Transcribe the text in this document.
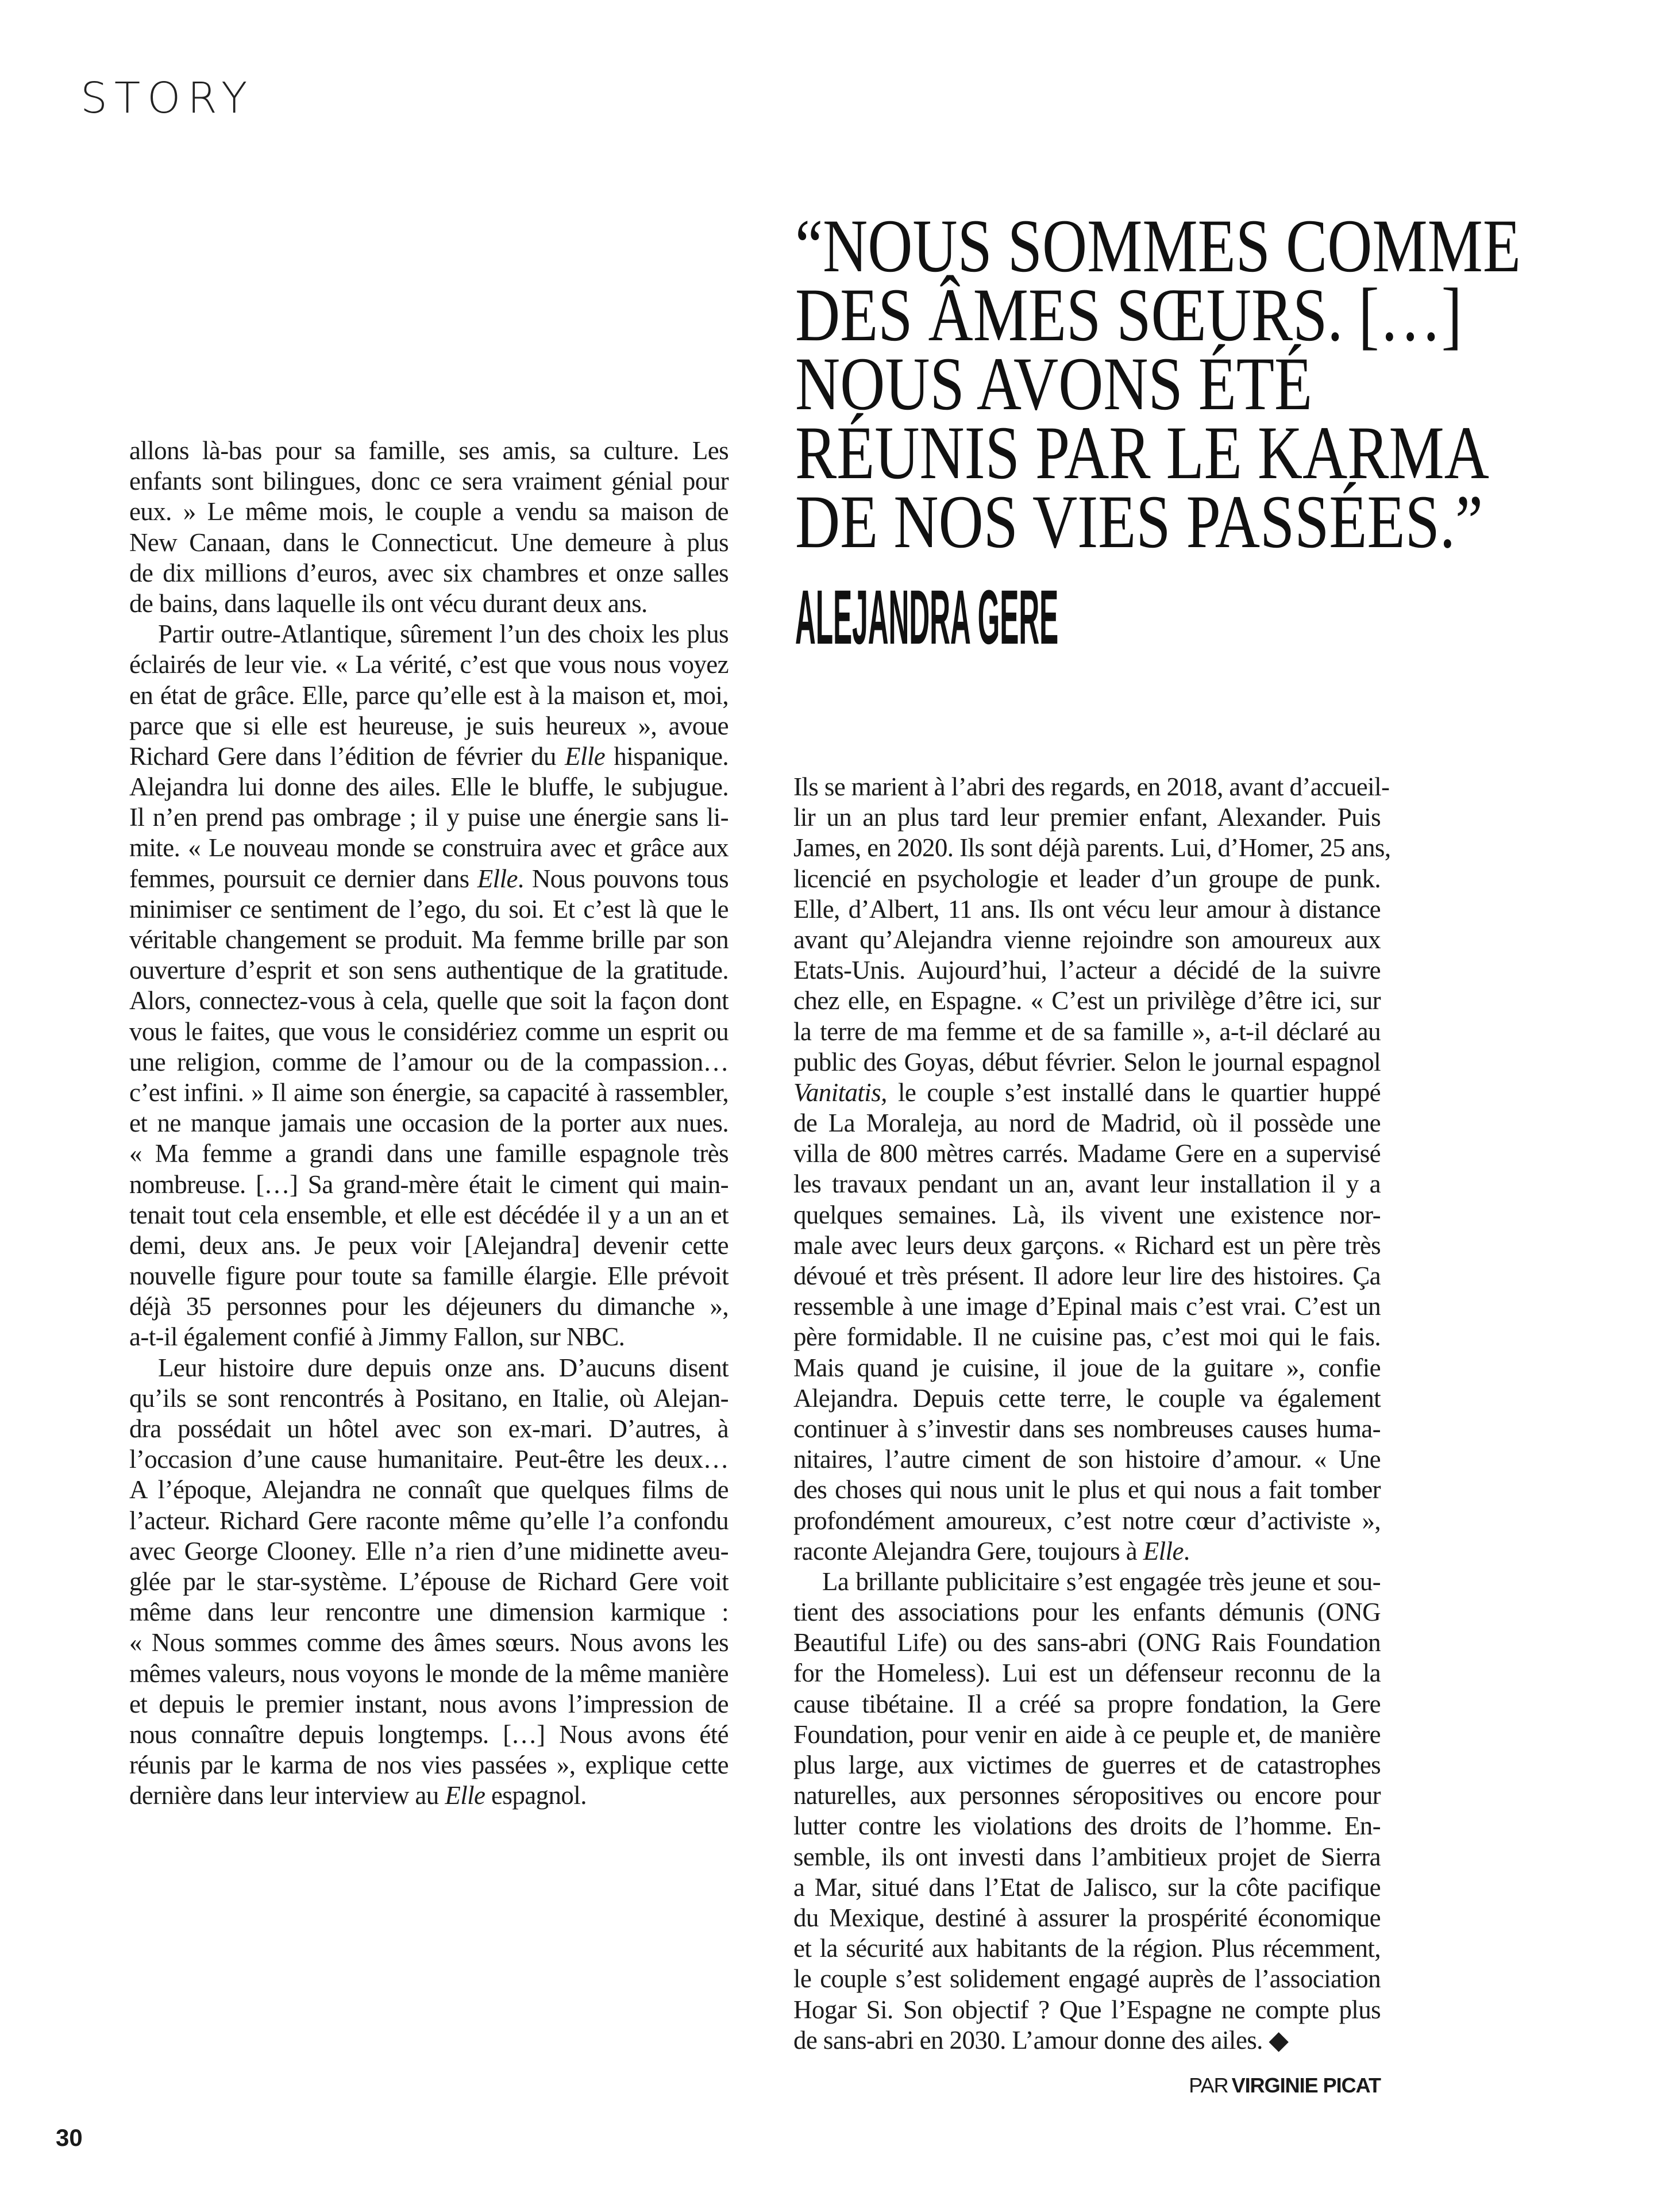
STORY
“NOUS SOMMES COMME
DES ÂMES SŒURS. […]
NOUS AVONS ÉTÉ
RÉUNIS PAR LE KARMA
DE NOS VIES PASSÉES.”
ALEJANDRA GERE
allons là-bas pour sa famille, ses amis, sa culture. Les
enfants sont bilingues, donc ce sera vraiment génial pour
eux. » Le même mois, le couple a vendu sa maison de
New Canaan, dans le Connecticut. Une demeure à plus
de dix millions d’euros, avec six chambres et onze salles
de bains, dans laquelle ils ont vécu durant deux ans.
Partir outre-Atlantique, sûrement l’un des choix les plus
éclairés de leur vie. « La vérité, c’est que vous nous voyez
en état de grâce. Elle, parce qu’elle est à la maison et, moi,
parce que si elle est heureuse, je suis heureux », avoue
Richard Gere dans l’édition de février du Elle hispanique.
Alejandra lui donne des ailes. Elle le bluffe, le subjugue.
Il n’en prend pas ombrage ; il y puise une énergie sans li-
mite. « Le nouveau monde se construira avec et grâce aux
femmes, poursuit ce dernier dans Elle. Nous pouvons tous
minimiser ce sentiment de l’ego, du soi. Et c’est là que le
véritable changement se produit. Ma femme brille par son
ouverture d’esprit et son sens authentique de la gratitude.
Alors, connectez-vous à cela, quelle que soit la façon dont
vous le faites, que vous le considériez comme un esprit ou
une religion, comme de l’amour ou de la compassion…
c’est infini. » Il aime son énergie, sa capacité à rassembler,
et ne manque jamais une occasion de la porter aux nues.
« Ma femme a grandi dans une famille espagnole très
nombreuse. […] Sa grand-mère était le ciment qui main-
tenait tout cela ensemble, et elle est décédée il y a un an et
demi, deux ans. Je peux voir [Alejandra] devenir cette
nouvelle figure pour toute sa famille élargie. Elle prévoit
déjà 35 personnes pour les déjeuners du dimanche »,
a-t-il également confié à Jimmy Fallon, sur NBC.
Leur histoire dure depuis onze ans. D’aucuns disent
qu’ils se sont rencontrés à Positano, en Italie, où Alejan-
dra possédait un hôtel avec son ex-mari. D’autres, à
l’occasion d’une cause humanitaire. Peut-être les deux…
A l’époque, Alejandra ne connaît que quelques films de
l’acteur. Richard Gere raconte même qu’elle l’a confondu
avec George Clooney. Elle n’a rien d’une midinette aveu-
glée par le star-système. L’épouse de Richard Gere voit
même dans leur rencontre une dimension karmique :
« Nous sommes comme des âmes sœurs. Nous avons les
mêmes valeurs, nous voyons le monde de la même manière
et depuis le premier instant, nous avons l’impression de
nous connaître depuis longtemps. […] Nous avons été
réunis par le karma de nos vies passées », explique cette
dernière dans leur interview au Elle espagnol.
Ils se marient à l’abri des regards, en 2018, avant d’accueil-
lir un an plus tard leur premier enfant, Alexander. Puis
James, en 2020. Ils sont déjà parents. Lui, d’Homer, 25 ans,
licencié en psychologie et leader d’un groupe de punk.
Elle, d’Albert, 11 ans. Ils ont vécu leur amour à distance
avant qu’Alejandra vienne rejoindre son amoureux aux
Etats-Unis. Aujourd’hui, l’acteur a décidé de la suivre
chez elle, en Espagne. « C’est un privilège d’être ici, sur
la terre de ma femme et de sa famille », a-t-il déclaré au
public des Goyas, début février. Selon le journal espagnol
Vanitatis, le couple s’est installé dans le quartier huppé
de La Moraleja, au nord de Madrid, où il possède une
villa de 800 mètres carrés. Madame Gere en a supervisé
les travaux pendant un an, avant leur installation il y a
quelques semaines. Là, ils vivent une existence nor-
male avec leurs deux garçons. « Richard est un père très
dévoué et très présent. Il adore leur lire des histoires. Ça
ressemble à une image d’Epinal mais c’est vrai. C’est un
père formidable. Il ne cuisine pas, c’est moi qui le fais.
Mais quand je cuisine, il joue de la guitare », confie
Alejandra. Depuis cette terre, le couple va également
continuer à s’investir dans ses nombreuses causes huma-
nitaires, l’autre ciment de son histoire d’amour. « Une
des choses qui nous unit le plus et qui nous a fait tomber
profondément amoureux, c’est notre cœur d’activiste »,
raconte Alejandra Gere, toujours à Elle.
La brillante publicitaire s’est engagée très jeune et sou-
tient des associations pour les enfants démunis (ONG
Beautiful Life) ou des sans-abri (ONG Rais Foundation
for the Homeless). Lui est un défenseur reconnu de la
cause tibétaine. Il a créé sa propre fondation, la Gere
Foundation, pour venir en aide à ce peuple et, de manière
plus large, aux victimes de guerres et de catastrophes
naturelles, aux personnes séropositives ou encore pour
lutter contre les violations des droits de l’homme. En-
semble, ils ont investi dans l’ambitieux projet de Sierra
a Mar, situé dans l’Etat de Jalisco, sur la côte pacifique
du Mexique, destiné à assurer la prospérité économique
et la sécurité aux habitants de la région. Plus récemment,
le couple s’est solidement engagé auprès de l’association
Hogar Si. Son objectif ? Que l’Espagne ne compte plus
de sans-abri en 2030. L’amour donne des ailes. ◆
PAR VIRGINIE PICAT
30
